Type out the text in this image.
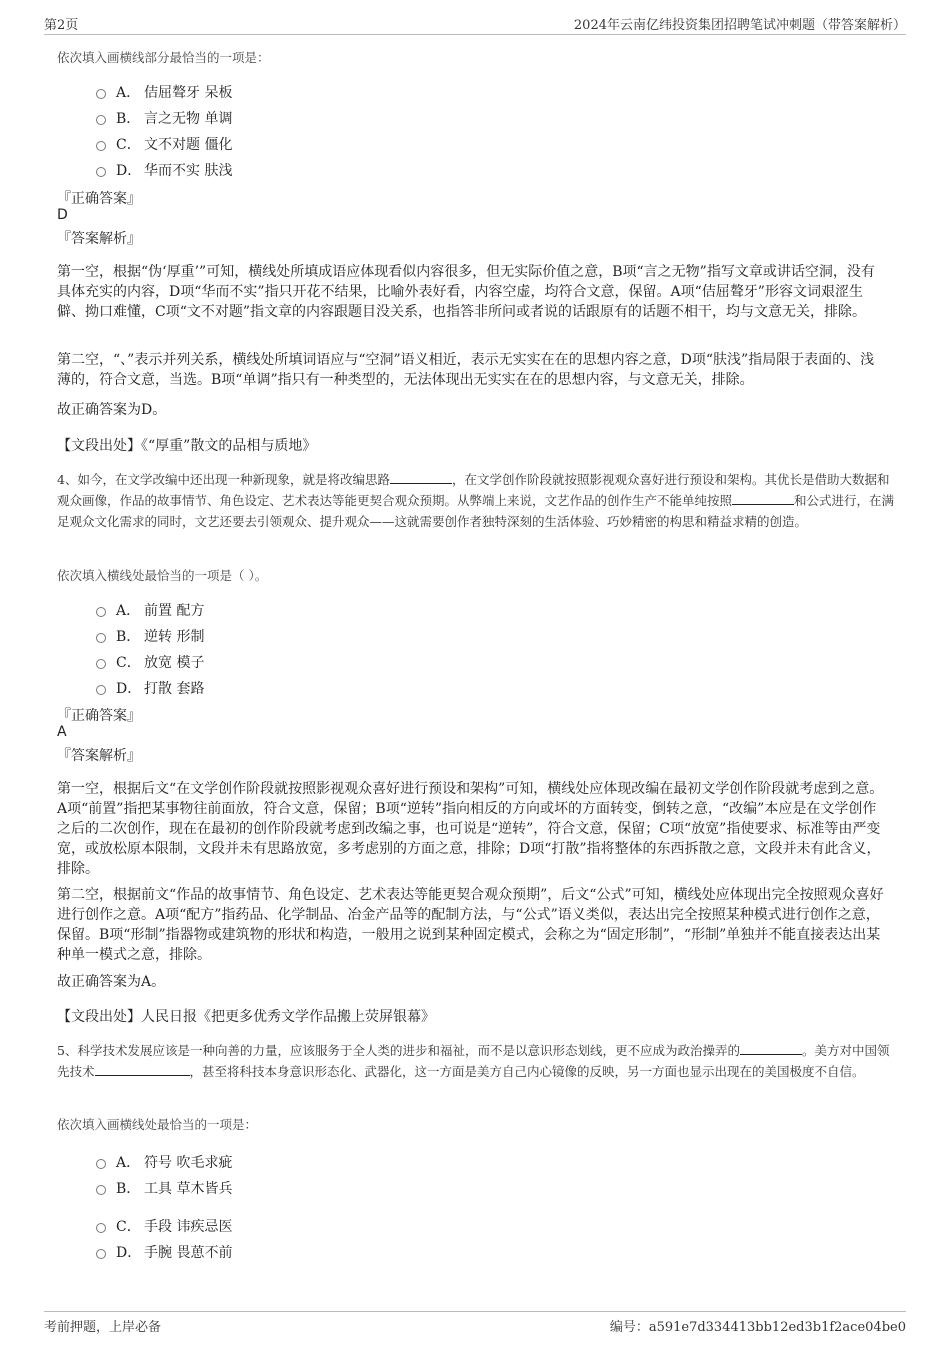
第2页	2024年云南亿纬投资集团招聘笔试冲刺题（带答案解析）
依次填入画横线部分最恰当的一项是：
A． 佶屈聱牙 呆板
B． 言之无物 单调
C． 文不对题 僵化
D． 华而不实 肤浅
『正确答案』
D
『答案解析』
第一空，根据“伪‘厚重’”可知，横线处所填成语应体现看似内容很多，但无实际价值之意，B项“言之无物”指写文章或讲话空洞，没有具体充实的内容，D项“华而不实”指只开花不结果，比喻外表好看，内容空虚，均符合文意，保留。A项“佶屈聱牙”形容文词艰涩生僻、拗口难懂，C项“文不对题”指文章的内容跟题目没关系，也指答非所问或者说的话跟原有的话题不相干，均与文意无关，排除。
第二空，“、”表示并列关系，横线处所填词语应与“空洞”语义相近，表示无实实在在的思想内容之意，D项“肤浅”指局限于表面的、浅薄的，符合文意，当选。B项“单调”指只有一种类型的，无法体现出无实实在在的思想内容，与文意无关，排除。
故正确答案为D。
【文段出处】《“厚重”散文的品相与质地》
4、如今，在文学改编中还出现一种新现象，就是将改编思路	，在文学创作阶段就按照影视观众喜好进行预设和架构。其优长是借助大数据和观众画像，作品的故事情节、角色设定、艺术表达等能更契合观众预期。从弊端上来说，文艺作品的创作生产不能单纯按照	和公式进行，在满足观众文化需求的同时，文艺还要去引领观众、提升观众——这就需要创作者独特深刻的生活体验、巧妙精密的构思和精益求精的创造。
依次填入横线处最恰当的一项是（ ）。
A． 前置 配方
B． 逆转 形制
C． 放宽 模子
D． 打散 套路
『正确答案』
A
『答案解析』
第一空，根据后文“在文学创作阶段就按照影视观众喜好进行预设和架构”可知，横线处应体现改编在最初文学创作阶段就考虑到之意。A项“前置”指把某事物往前面放，符合文意，保留；B项“逆转”指向相反的方向或坏的方面转变，倒转之意，“改编”本应是在文学创作之后的二次创作，现在在最初的创作阶段就考虑到改编之事，也可说是“逆转”，符合文意，保留；C项“放宽”指使要求、标准等由严变宽，或放松原本限制，文段并未有思路放宽，多考虑别的方面之意，排除；D项“打散”指将整体的东西拆散之意，文段并未有此含义，排除。
第二空，根据前文“作品的故事情节、角色设定、艺术表达等能更契合观众预期”，后文“公式”可知，横线处应体现出完全按照观众喜好进行创作之意。A项“配方”指药品、化学制品、冶金产品等的配制方法，与“公式”语义类似，表达出完全按照某种模式进行创作之意，保留。B项“形制”指器物或建筑物的形状和构造，一般用之说到某种固定模式，会称之为“固定形制”，“形制”单独并不能直接表达出某种单一模式之意，排除。
故正确答案为A。
【文段出处】人民日报《把更多优秀文学作品搬上荧屏银幕》
5、科学技术发展应该是一种向善的力量，应该服务于全人类的进步和福祉，而不是以意识形态划线，更不应成为政治操弄的	。美方对中国领先技术	，甚至将科技本身意识形态化、武器化，这一方面是美方自己内心镜像的反映，另一方面也显示出现在的美国极度不自信。
依次填入画横线处最恰当的一项是：
A． 符号 吹毛求疵
B． 工具 草木皆兵
C． 手段 讳疾忌医
D． 手腕 畏葸不前
考前押题，上岸必备	编号：a591e7d334413bb12ed3b1f2ace04be0
